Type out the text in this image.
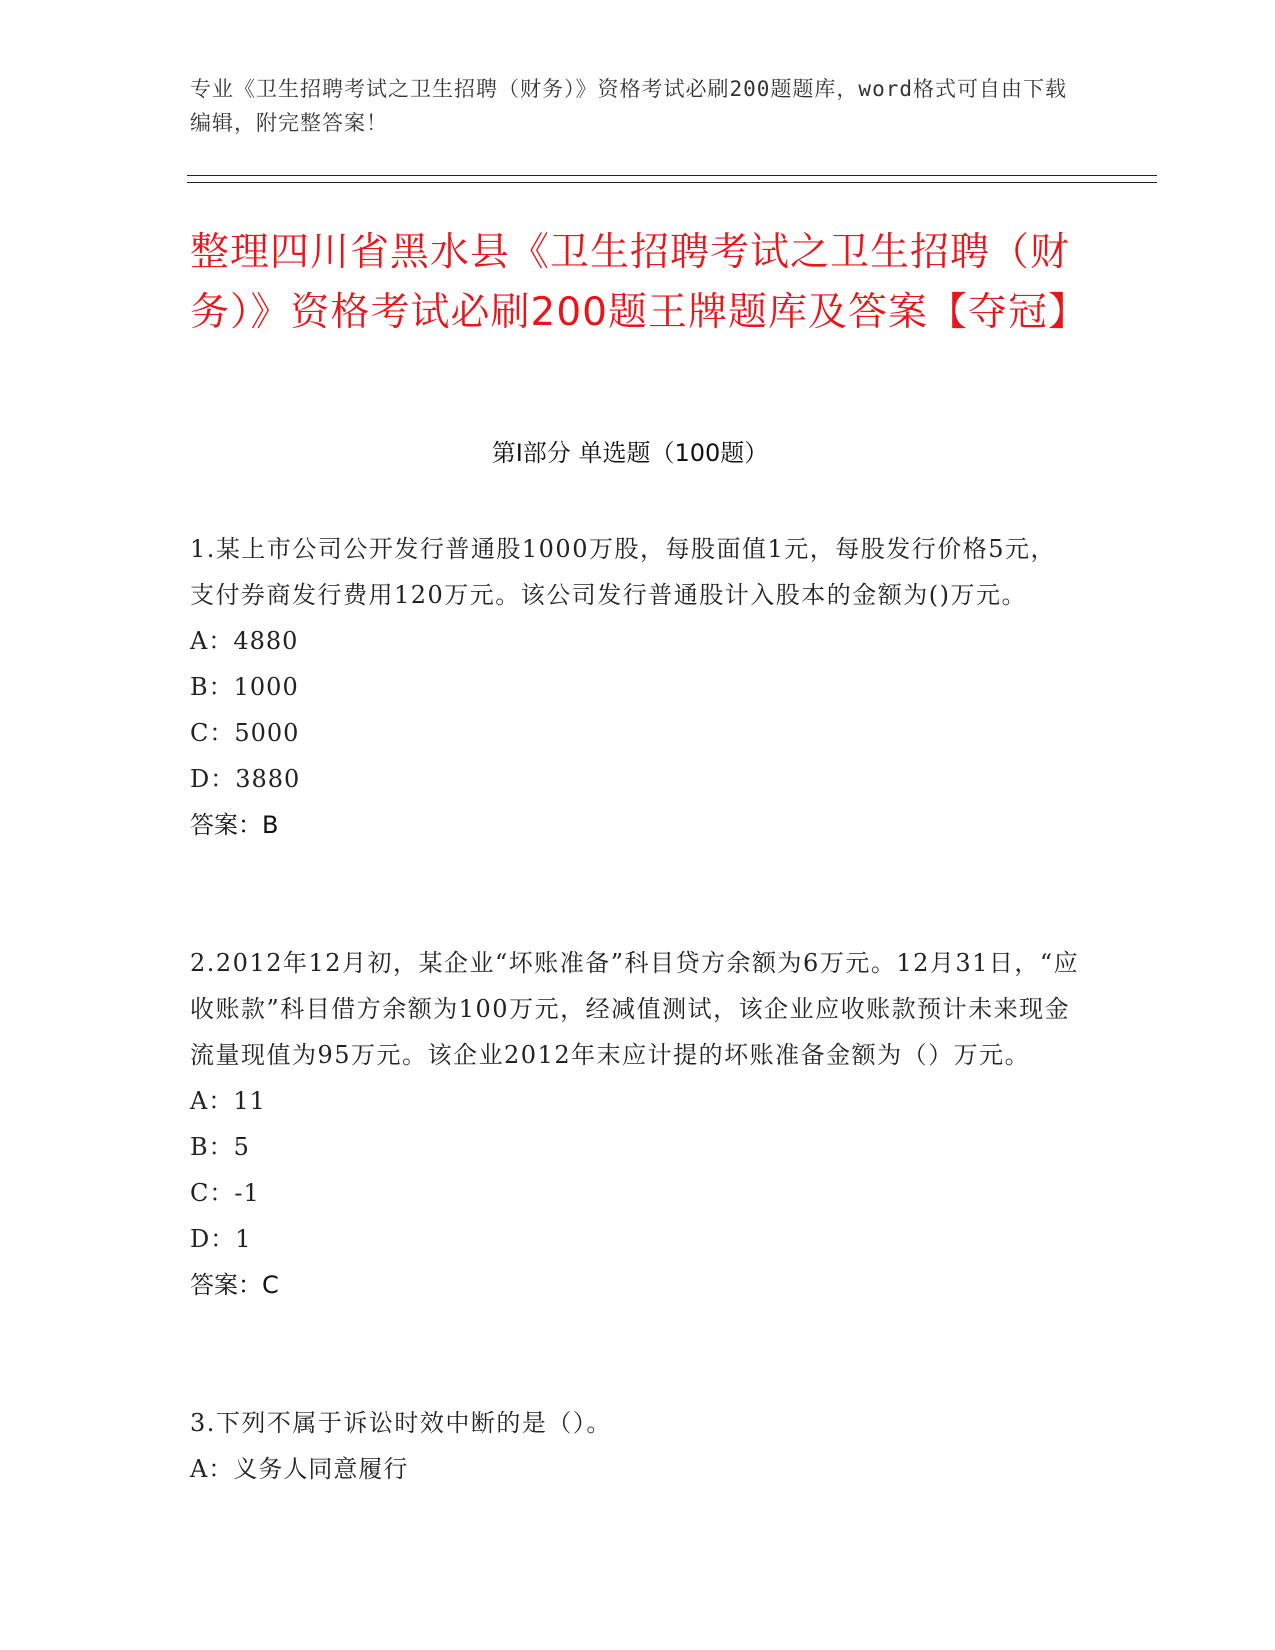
专业《卫生招聘考试之卫生招聘（财务）》资格考试必刷200题题库，word格式可自由下载编辑，附完整答案！
整理四川省黑水县《卫生招聘考试之卫生招聘（财务）》资格考试必刷200题王牌题库及答案【夺冠】
第Ⅰ部分 单选题（100题）

1.某上市公司公开发行普通股1000万股，每股面值1元，每股发行价格5元，支付券商发行费用120万元。该公司发行普通股计入股本的金额为()万元。

A：4880

B：1000

C：5000

D：3880

答案：B

2.2012年12月初，某企业“坏账准备”科目贷方余额为6万元。12月31日，“应收账款”科目借方余额为100万元，经减值测试，该企业应收账款预计未来现金流量现值为95万元。该企业2012年末应计提的坏账准备金额为（）万元。

A：11

B：5

C：-1

D：1

答案：C

3.下列不属于诉讼时效中断的是（）。

A：义务人同意履行
